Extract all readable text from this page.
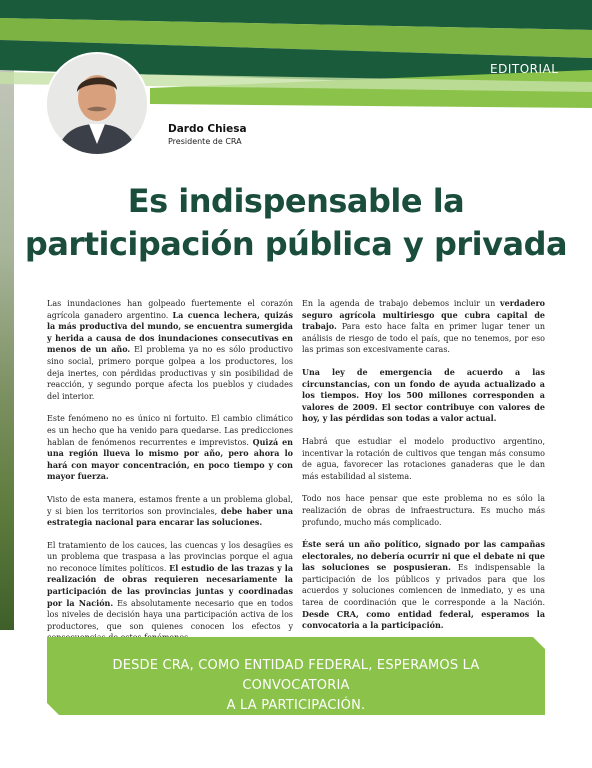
EDITORIAL
Dardo Chiesa
Presidente de CRA
Es indispensable la
participación pública y privada

Las inundaciones han golpeado fuertemente el corazón agrícola ganadero argentino. La cuenca lechera, quizás la más productiva del mundo, se encuentra sumergida y herida a causa de dos inundaciones consecutivas en menos de un año. El problema ya no es sólo productivo sino social, primero porque golpea a los productores, los deja inertes, con pérdidas productivas y sin posibilidad de reacción, y segundo porque afecta los pueblos y ciudades del interior.

Este fenómeno no es único ni fortuito. El cambio climático es un hecho que ha venido para quedarse. Las predicciones hablan de fenómenos recurrentes e imprevistos. Quizá en una región llueva lo mismo por año, pero ahora lo hará con mayor concentración, en poco tiempo y con mayor fuerza.

Visto de esta manera, estamos frente a un problema global, y si bien los territorios son provinciales, debe haber una estrategia nacional para encarar las soluciones.

El tratamiento de los cauces, las cuencas y los desagües es un problema que traspasa a las provincias porque el agua no reconoce límites políticos. El estudio de las trazas y la realización de obras requieren necesariamente la participación de las provincias juntas y coordinadas por la Nación. Es absolutamente necesario que en todos los niveles de decisión haya una participación activa de los productores, que son quienes conocen los efectos y

En la agenda de trabajo debemos incluir un verdadero seguro agrícola multiriesgo que cubra capital de trabajo. Para esto hace falta en primer lugar tener un análisis de riesgo de todo el país, que no tenemos, por eso las primas son excesivamente caras.

Una ley de emergencia de acuerdo a las circunstancias, con un fondo de ayuda actualizado a los tiempos. Hoy los 500 millones corresponden a valores de 2009. El sector contribuye con valores de hoy, y las pérdidas son todas a valor actual.

Habrá que estudiar el modelo productivo argentino, incentivar la rotación de cultivos que tengan más consumo de agua, favorecer las rotaciones ganaderas que le dan más estabilidad al sistema.

Todo nos hace pensar que este problema no es sólo la realización de obras de infraestructura. Es mucho más profundo, mucho más complicado.

Éste será un año político, signado por las campañas electorales, no debería ocurrir ni que el debate ni que las soluciones se pospusieran. Es indispensable la participación de los públicos y privados para que los acuerdos y soluciones comiencen de inmediato, y es una tarea de coordinación que le corresponde a la Nación. Desde CRA, como entidad federal, esperamos la convocatoria a la participación.

DESDE CRA, COMO ENTIDAD FEDERAL, ESPERAMOS LA CONVOCATORIA
A LA PARTICIPACIÓN.
